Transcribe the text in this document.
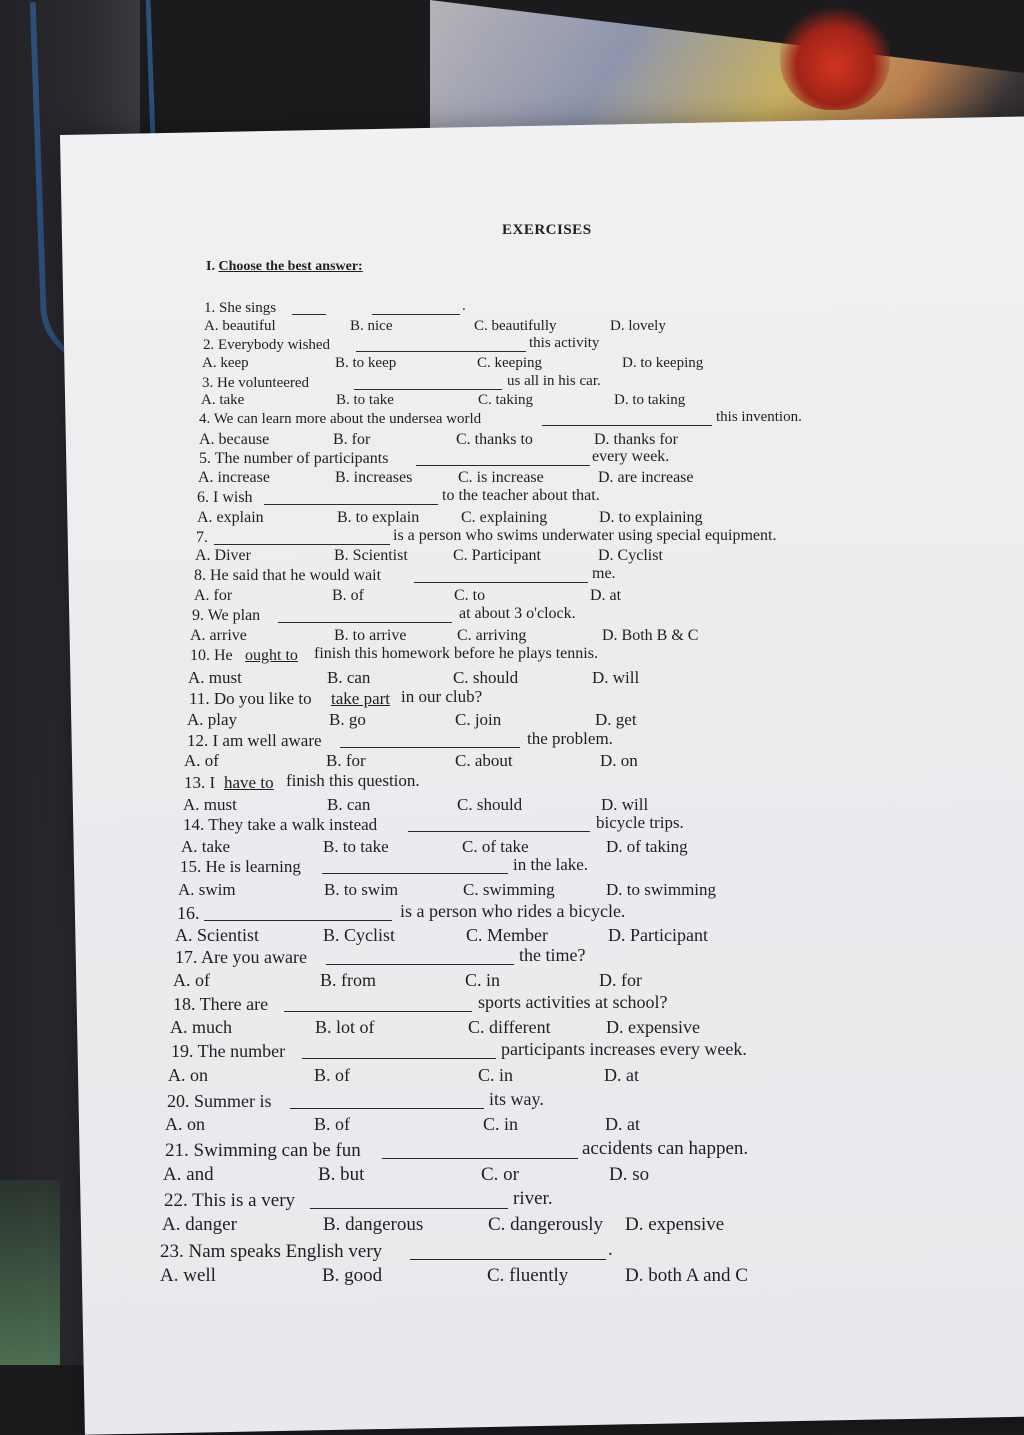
EXERCISES
I. Choose the best answer:
1. She sings	.
A. beautiful	B. nice	C. beautifully	D. lovely
2. Everybody wished	this activity
A. keep	B. to keep	C. keeping	D. to keeping
3. He volunteered	us all in his car.
A. take	B. to take	C. taking	D. to taking
4. We can learn more about the undersea world	this invention.
A. because	B. for	C. thanks to	D. thanks for
5. The number of participants	every week.
A. increase	B. increases	C. is increase	D. are increase
6. I wish	to the teacher about that.
A. explain	B. to explain	C. explaining	D. to explaining
7.	is a person who swims underwater using special equipment.
A. Diver	B. Scientist	C. Participant	D. Cyclist
8. He said that he would wait	me.
A. for	B. of	C. to	D. at
9. We plan	at about 3 o'clock.
A. arrive	B. to arrive	C. arriving	D. Both B & C
10. He ought to finish this homework before he plays tennis.
A. must	B. can	C. should	D. will
11. Do you like to take part in our club?
A. play	B. go	C. join	D. get
12. I am well aware	the problem.
A. of	B. for	C. about	D. on
13. I have to finish this question.
A. must	B. can	C. should	D. will
14. They take a walk instead	bicycle trips.
A. take	B. to take	C. of take	D. of taking
15. He is learning	in the lake.
A. swim	B. to swim	C. swimming	D. to swimming
16.	is a person who rides a bicycle.
A. Scientist	B. Cyclist	C. Member	D. Participant
17. Are you aware	the time?
A. of	B. from	C. in	D. for
18. There are	sports activities at school?
A. much	B. lot of	C. different	D. expensive
19. The number	participants increases every week.
A. on	B. of	C. in	D. at
20. Summer is	its way.
A. on	B. of	C. in	D. at
21. Swimming can be fun	accidents can happen.
A. and	B. but	C. or	D. so
22. This is a very	river.
A. danger	B. dangerous	C. dangerously D. expensive
23. Nam speaks English very	.
A. well	B. good	C. fluently	D. both A and C
